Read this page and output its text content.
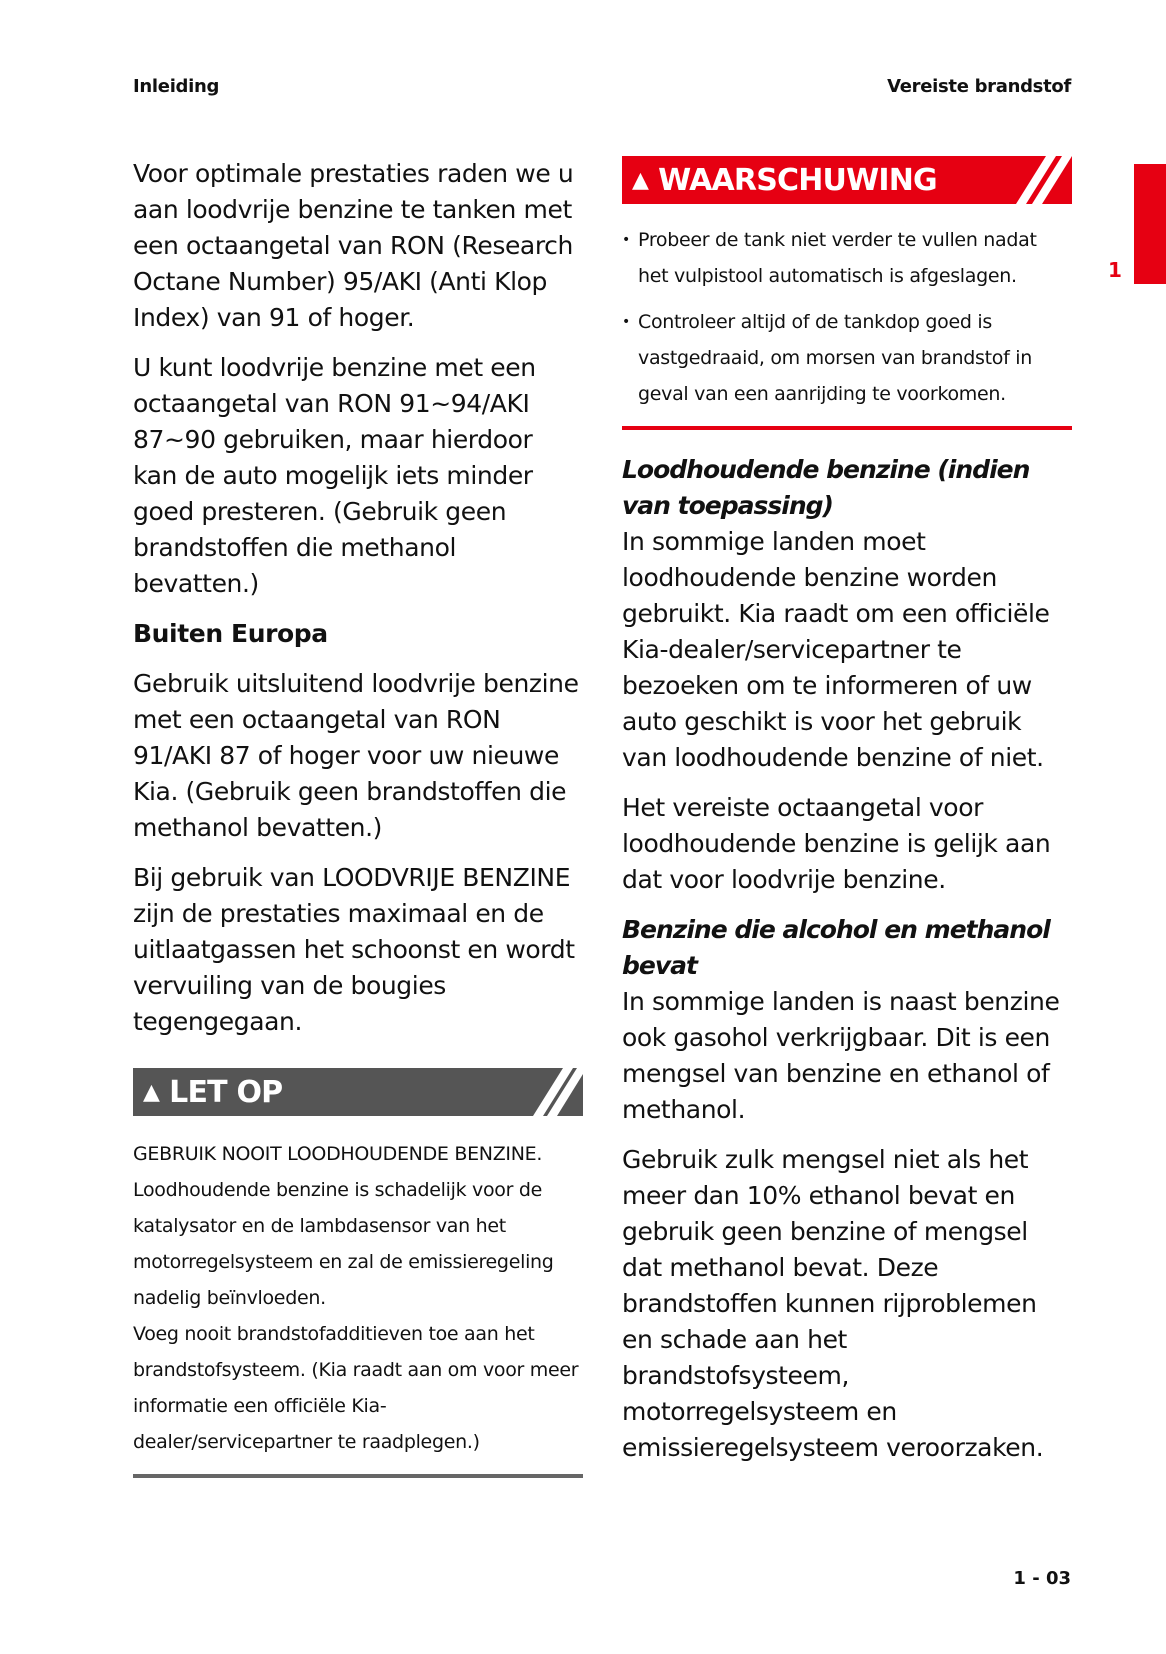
Inleiding	Vereiste brandstof
1

Voor optimale prestaties raden we u aan loodvrije benzine te tanken met een octaangetal van RON (Research Octane Number) 95/AKI (Anti Klop Index) van 91 of hoger.

U kunt loodvrije benzine met een octaangetal van RON 91~94/AKI 87~90 gebruiken, maar hierdoor kan de auto mogelijk iets minder goed presteren. (Gebruik geen brandstoffen die methanol bevatten.)

Buiten Europa

Gebruik uitsluitend loodvrije benzine met een octaangetal van RON 91/AKI 87 of hoger voor uw nieuwe Kia. (Gebruik geen brandstoffen die methanol bevatten.)

Bij gebruik van LOODVRIJE BENZINE zijn de prestaties maximaal en de uitlaatgassen het schoonst en wordt vervuiling van de bougies tegengegaan.

▲ LET OP
GEBRUIK NOOIT LOODHOUDENDE BENZINE.
Loodhoudende benzine is schadelijk voor de katalysator en de lambdasensor van het motorregelsysteem en zal de emissieregeling nadelig beïnvloeden.
Voeg nooit brandstofadditieven toe aan het brandstofsysteem. (Kia raadt aan om voor meer informatie een officiële Kia-dealer/servicepartner te raadplegen.)
▲ WAARSCHUWING
• Probeer de tank niet verder te vullen nadat het vulpistool automatisch is afgeslagen.
• Controleer altijd of de tankdop goed is vastgedraaid, om morsen van brandstof in geval van een aanrijding te voorkomen.

Loodhoudende benzine (indien van toepassing)

In sommige landen moet loodhoudende benzine worden gebruikt. Kia raadt om een officiële Kia-dealer/servicepartner te bezoeken om te informeren of uw auto geschikt is voor het gebruik van loodhoudende benzine of niet.

Het vereiste octaangetal voor loodhoudende benzine is gelijk aan dat voor loodvrije benzine.

Benzine die alcohol en methanol bevat

In sommige landen is naast benzine ook gasohol verkrijgbaar. Dit is een mengsel van benzine en ethanol of methanol.

Gebruik zulk mengsel niet als het meer dan 10% ethanol bevat en gebruik geen benzine of mengsel dat methanol bevat. Deze brandstoffen kunnen rijproblemen en schade aan het brandstofsysteem, motorregelsysteem en emissieregelsysteem veroorzaken.

1 - 03
